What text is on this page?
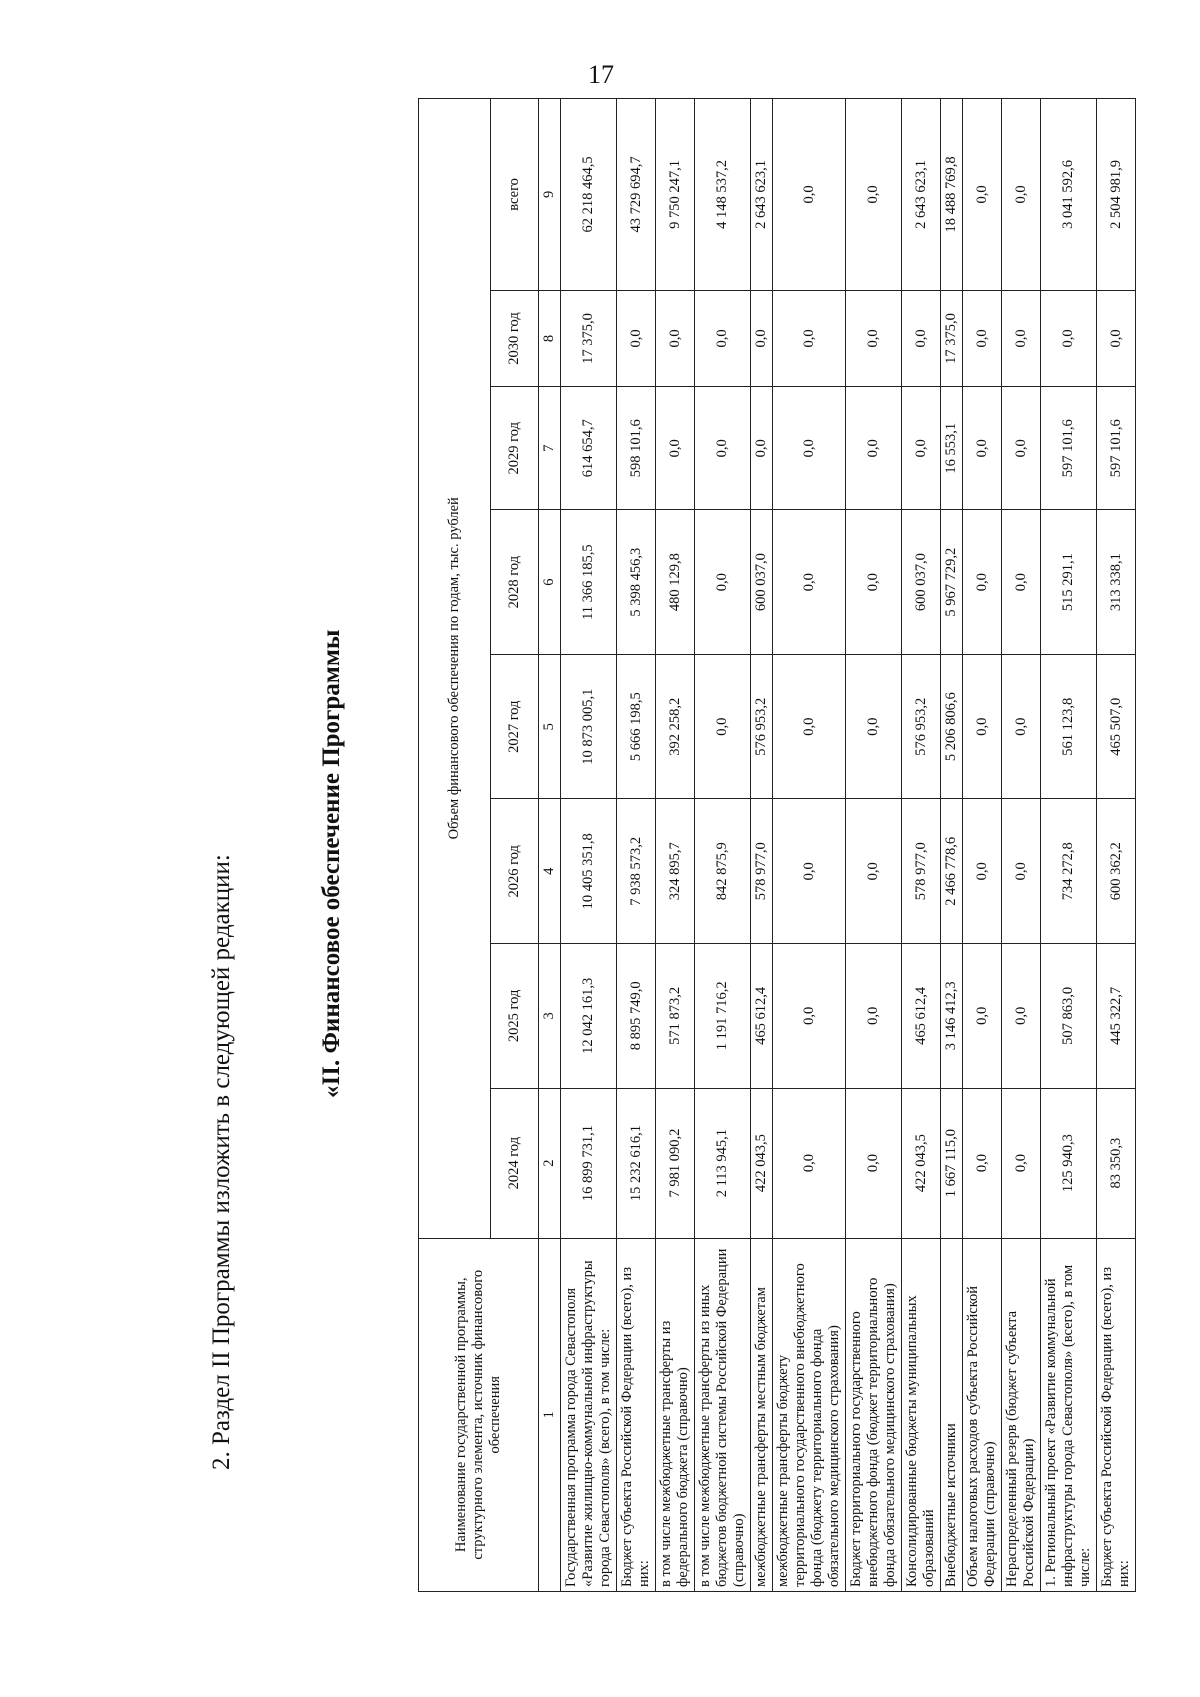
17
2. Раздел II Программы изложить в следующей редакции:	«II. Финансовое обеспечение Программы
Наименование государственной программы, структурного элемента, источник финансового обеспечения	Объем финансового обеспечения по годам, тыс. рублей							
	2024 год	2025 год	2026 год	2027 год	2028 год	2029 год	2030 год	всего
1	2	3	4	5	6	7	8	9
Государственная программа города Севастополя «Развитие жилищно-коммунальной инфраструктуры города Севастополя» (всего), в том числе:	16 899 731,1	12 042 161,3	10 405 351,8	10 873 005,1	11 366 185,5	614 654,7	17 375,0	62 218 464,5
Бюджет субъекта Российской Федерации (всего), из них:	15 232 616,1	8 895 749,0	7 938 573,2	5 666 198,5	5 398 456,3	598 101,6	0,0	43 729 694,7
в том числе межбюджетные трансферты из федерального бюджета (справочно)	7 981 090,2	571 873,2	324 895,7	392 258,2	480 129,8	0,0	0,0	9 750 247,1
в том числе межбюджетные трансферты из иных бюджетов бюджетной системы Российской Федерации (справочно)	2 113 945,1	1 191 716,2	842 875,9	0,0	0,0	0,0	0,0	4 148 537,2
межбюджетные трансферты местным бюджетам	422 043,5	465 612,4	578 977,0	576 953,2	600 037,0	0,0	0,0	2 643 623,1
межбюджетные трансферты бюджету территориального государственного внебюджетного фонда (бюджету территориального фонда обязательного медицинского страхования)	0,0	0,0	0,0	0,0	0,0	0,0	0,0	0,0
Бюджет территориального государственного внебюджетного фонда (бюджет территориального фонда обязательного медицинского страхования)	0,0	0,0	0,0	0,0	0,0	0,0	0,0	0,0
Консолидированные бюджеты муниципальных образований	422 043,5	465 612,4	578 977,0	576 953,2	600 037,0	0,0	0,0	2 643 623,1
Внебюджетные источники	1 667 115,0	3 146 412,3	2 466 778,6	5 206 806,6	5 967 729,2	16 553,1	17 375,0	18 488 769,8
Объем налоговых расходов субъекта Российской Федерации (справочно)	0,0	0,0	0,0	0,0	0,0	0,0	0,0	0,0
Нераспределенный резерв (бюджет субъекта Российской Федерации)	0,0	0,0	0,0	0,0	0,0	0,0	0,0	0,0
1. Региональный проект «Развитие коммунальной инфраструктуры города Севастополя» (всего), в том числе:	125 940,3	507 863,0	734 272,8	561 123,8	515 291,1	597 101,6	0,0	3 041 592,6
Бюджет субъекта Российской Федерации (всего), из них:	83 350,3	445 322,7	600 362,2	465 507,0	313 338,1	597 101,6	0,0	2 504 981,9
